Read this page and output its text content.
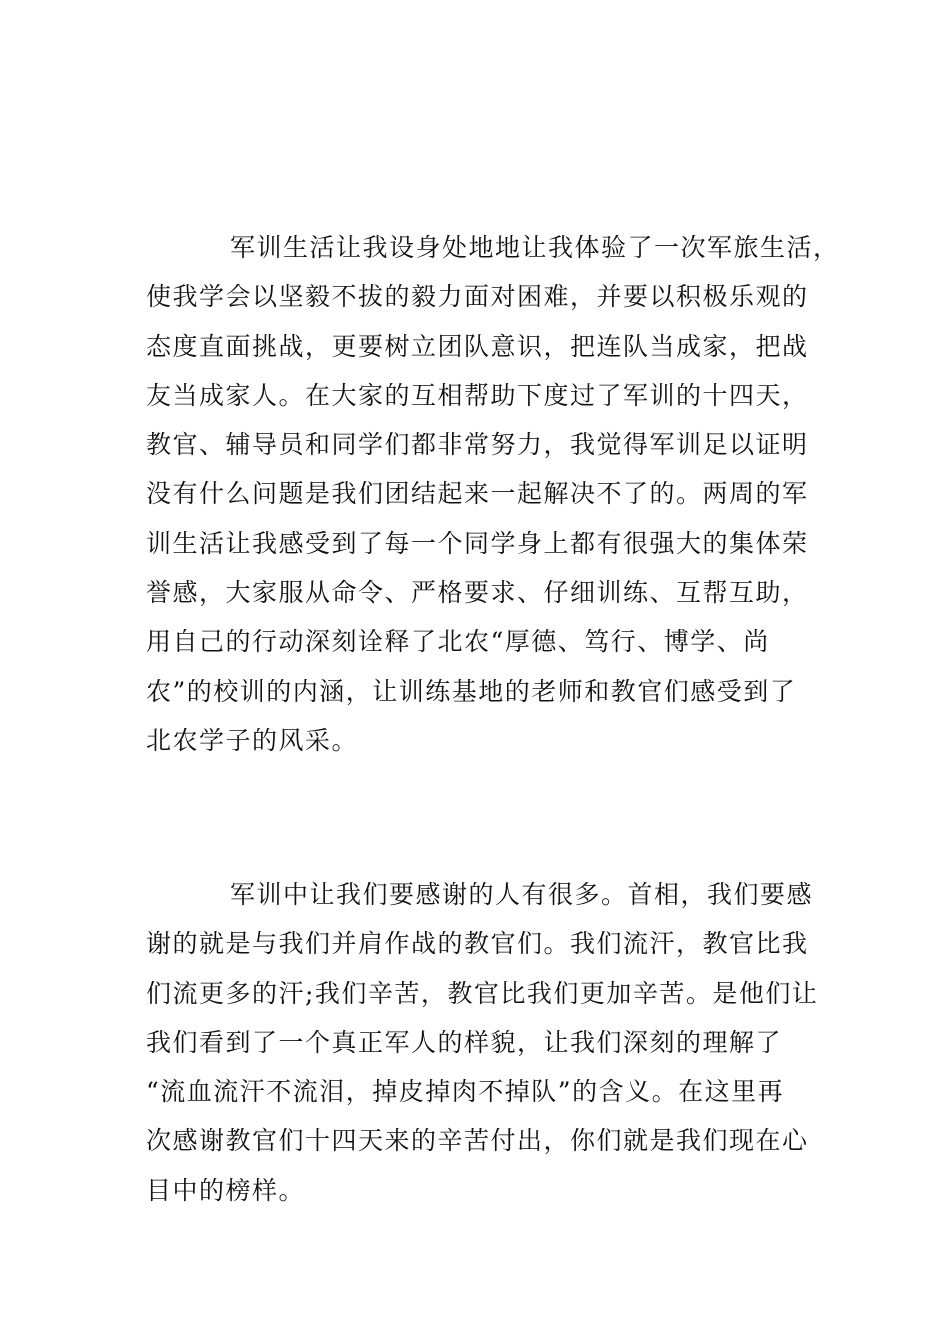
军训生活让我设身处地地让我体验了一次军旅生活，
使我学会以坚毅不拔的毅力面对困难，并要以积极乐观的
态度直面挑战，更要树立团队意识，把连队当成家，把战
友当成家人。在大家的互相帮助下度过了军训的十四天，
教官、辅导员和同学们都非常努力，我觉得军训足以证明
没有什么问题是我们团结起来一起解决不了的。两周的军
训生活让我感受到了每一个同学身上都有很强大的集体荣
誉感，大家服从命令、严格要求、仔细训练、互帮互助，
用自己的行动深刻诠释了北农“厚德、笃行、博学、尚
农”的校训的内涵，让训练基地的老师和教官们感受到了
北农学子的风采。
军训中让我们要感谢的人有很多。首相，我们要感
谢的就是与我们并肩作战的教官们。我们流汗，教官比我
们流更多的汗;我们辛苦，教官比我们更加辛苦。是他们让
我们看到了一个真正军人的样貌，让我们深刻的理解了
“流血流汗不流泪，掉皮掉肉不掉队”的含义。在这里再
次感谢教官们十四天来的辛苦付出，你们就是我们现在心
目中的榜样。
